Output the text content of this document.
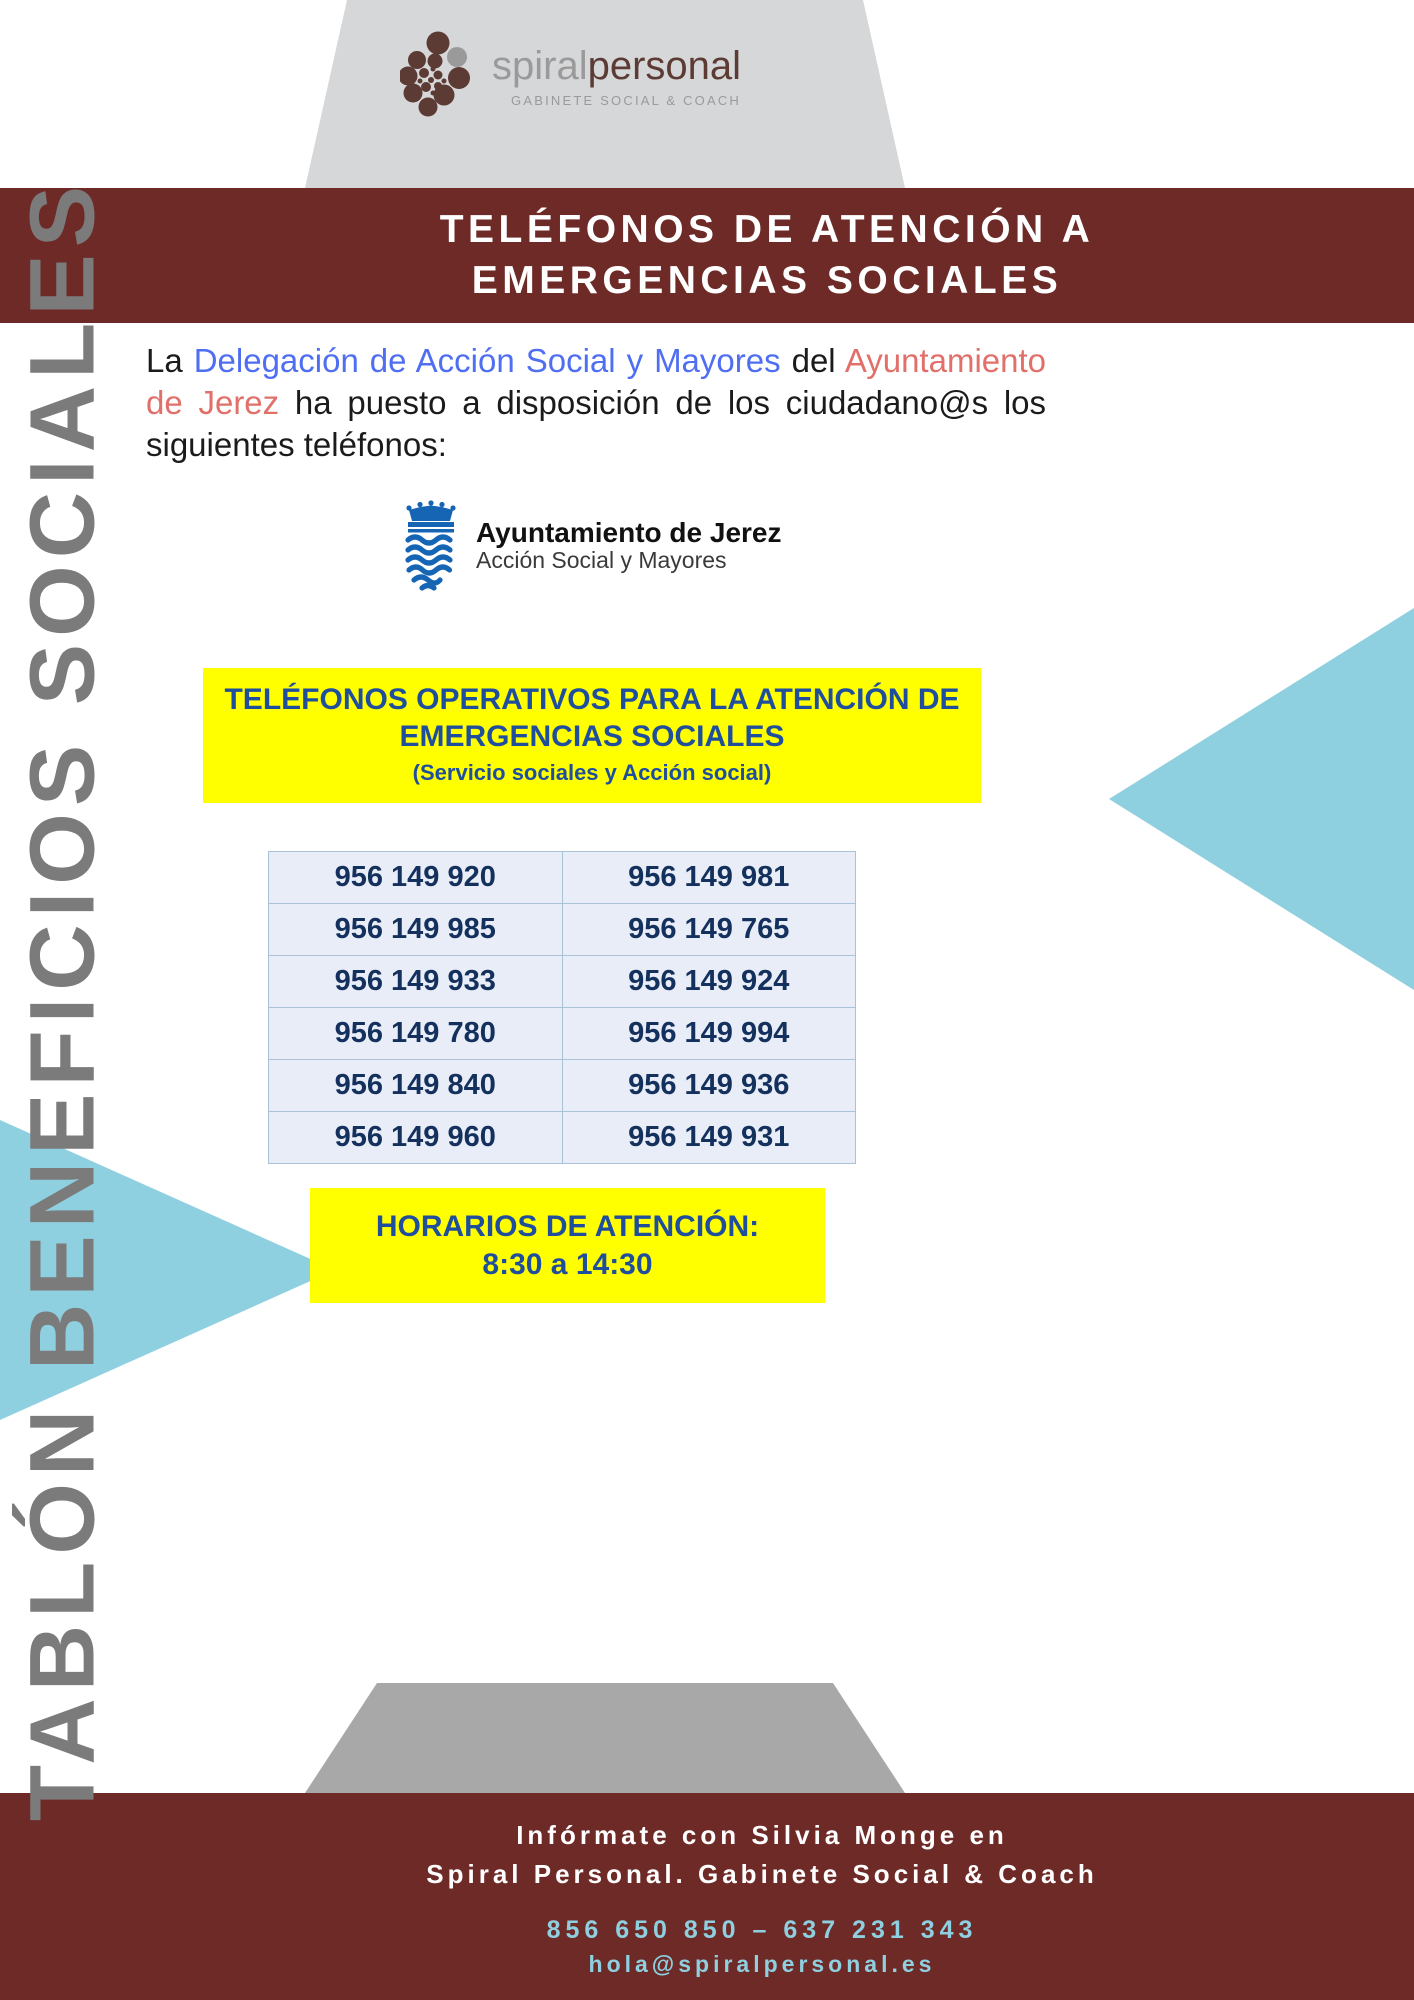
TABLÓN BENEFICIOS SOCIALES
spiralpersonal
GABINETE SOCIAL & COACH
TELÉFONOS DE ATENCIÓN A
EMERGENCIAS SOCIALES
La Delegación de Acción Social y Mayores del Ayuntamiento de Jerez ha puesto a disposición de los ciudadano@s los siguientes teléfonos:
Ayuntamiento de Jerez
Acción Social y Mayores
TELÉFONOS OPERATIVOS PARA LA ATENCIÓN DE
EMERGENCIAS SOCIALES
(Servicio sociales y Acción social)
956 149 920	956 149 981
956 149 985	956 149 765
956 149 933	956 149 924
956 149 780	956 149 994
956 149 840	956 149 936
956 149 960	956 149 931
HORARIOS DE ATENCIÓN:
8:30 a 14:30
Infórmate con Silvia Monge en
Spiral Personal. Gabinete Social & Coach
856 650 850 – 637 231 343
hola@spiralpersonal.es
